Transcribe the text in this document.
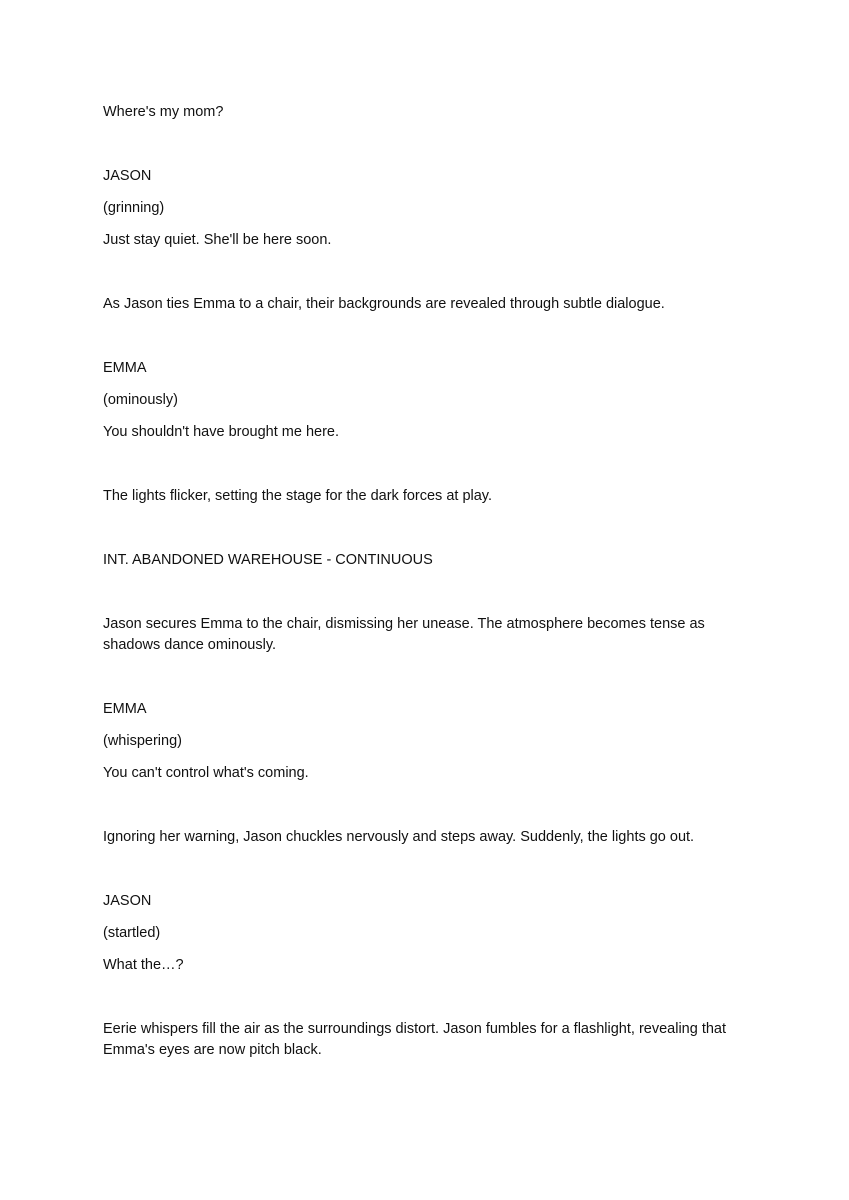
Where's my mom?
JASON
(grinning)
Just stay quiet. She'll be here soon.
As Jason ties Emma to a chair, their backgrounds are revealed through subtle dialogue.
EMMA
(ominously)
You shouldn't have brought me here.
The lights flicker, setting the stage for the dark forces at play.
INT. ABANDONED WAREHOUSE - CONTINUOUS
Jason secures Emma to the chair, dismissing her unease. The atmosphere becomes tense as shadows dance ominously.
EMMA
(whispering)
You can't control what's coming.
Ignoring her warning, Jason chuckles nervously and steps away. Suddenly, the lights go out.
JASON
(startled)
What the…?
Eerie whispers fill the air as the surroundings distort. Jason fumbles for a flashlight, revealing that Emma's eyes are now pitch black.
